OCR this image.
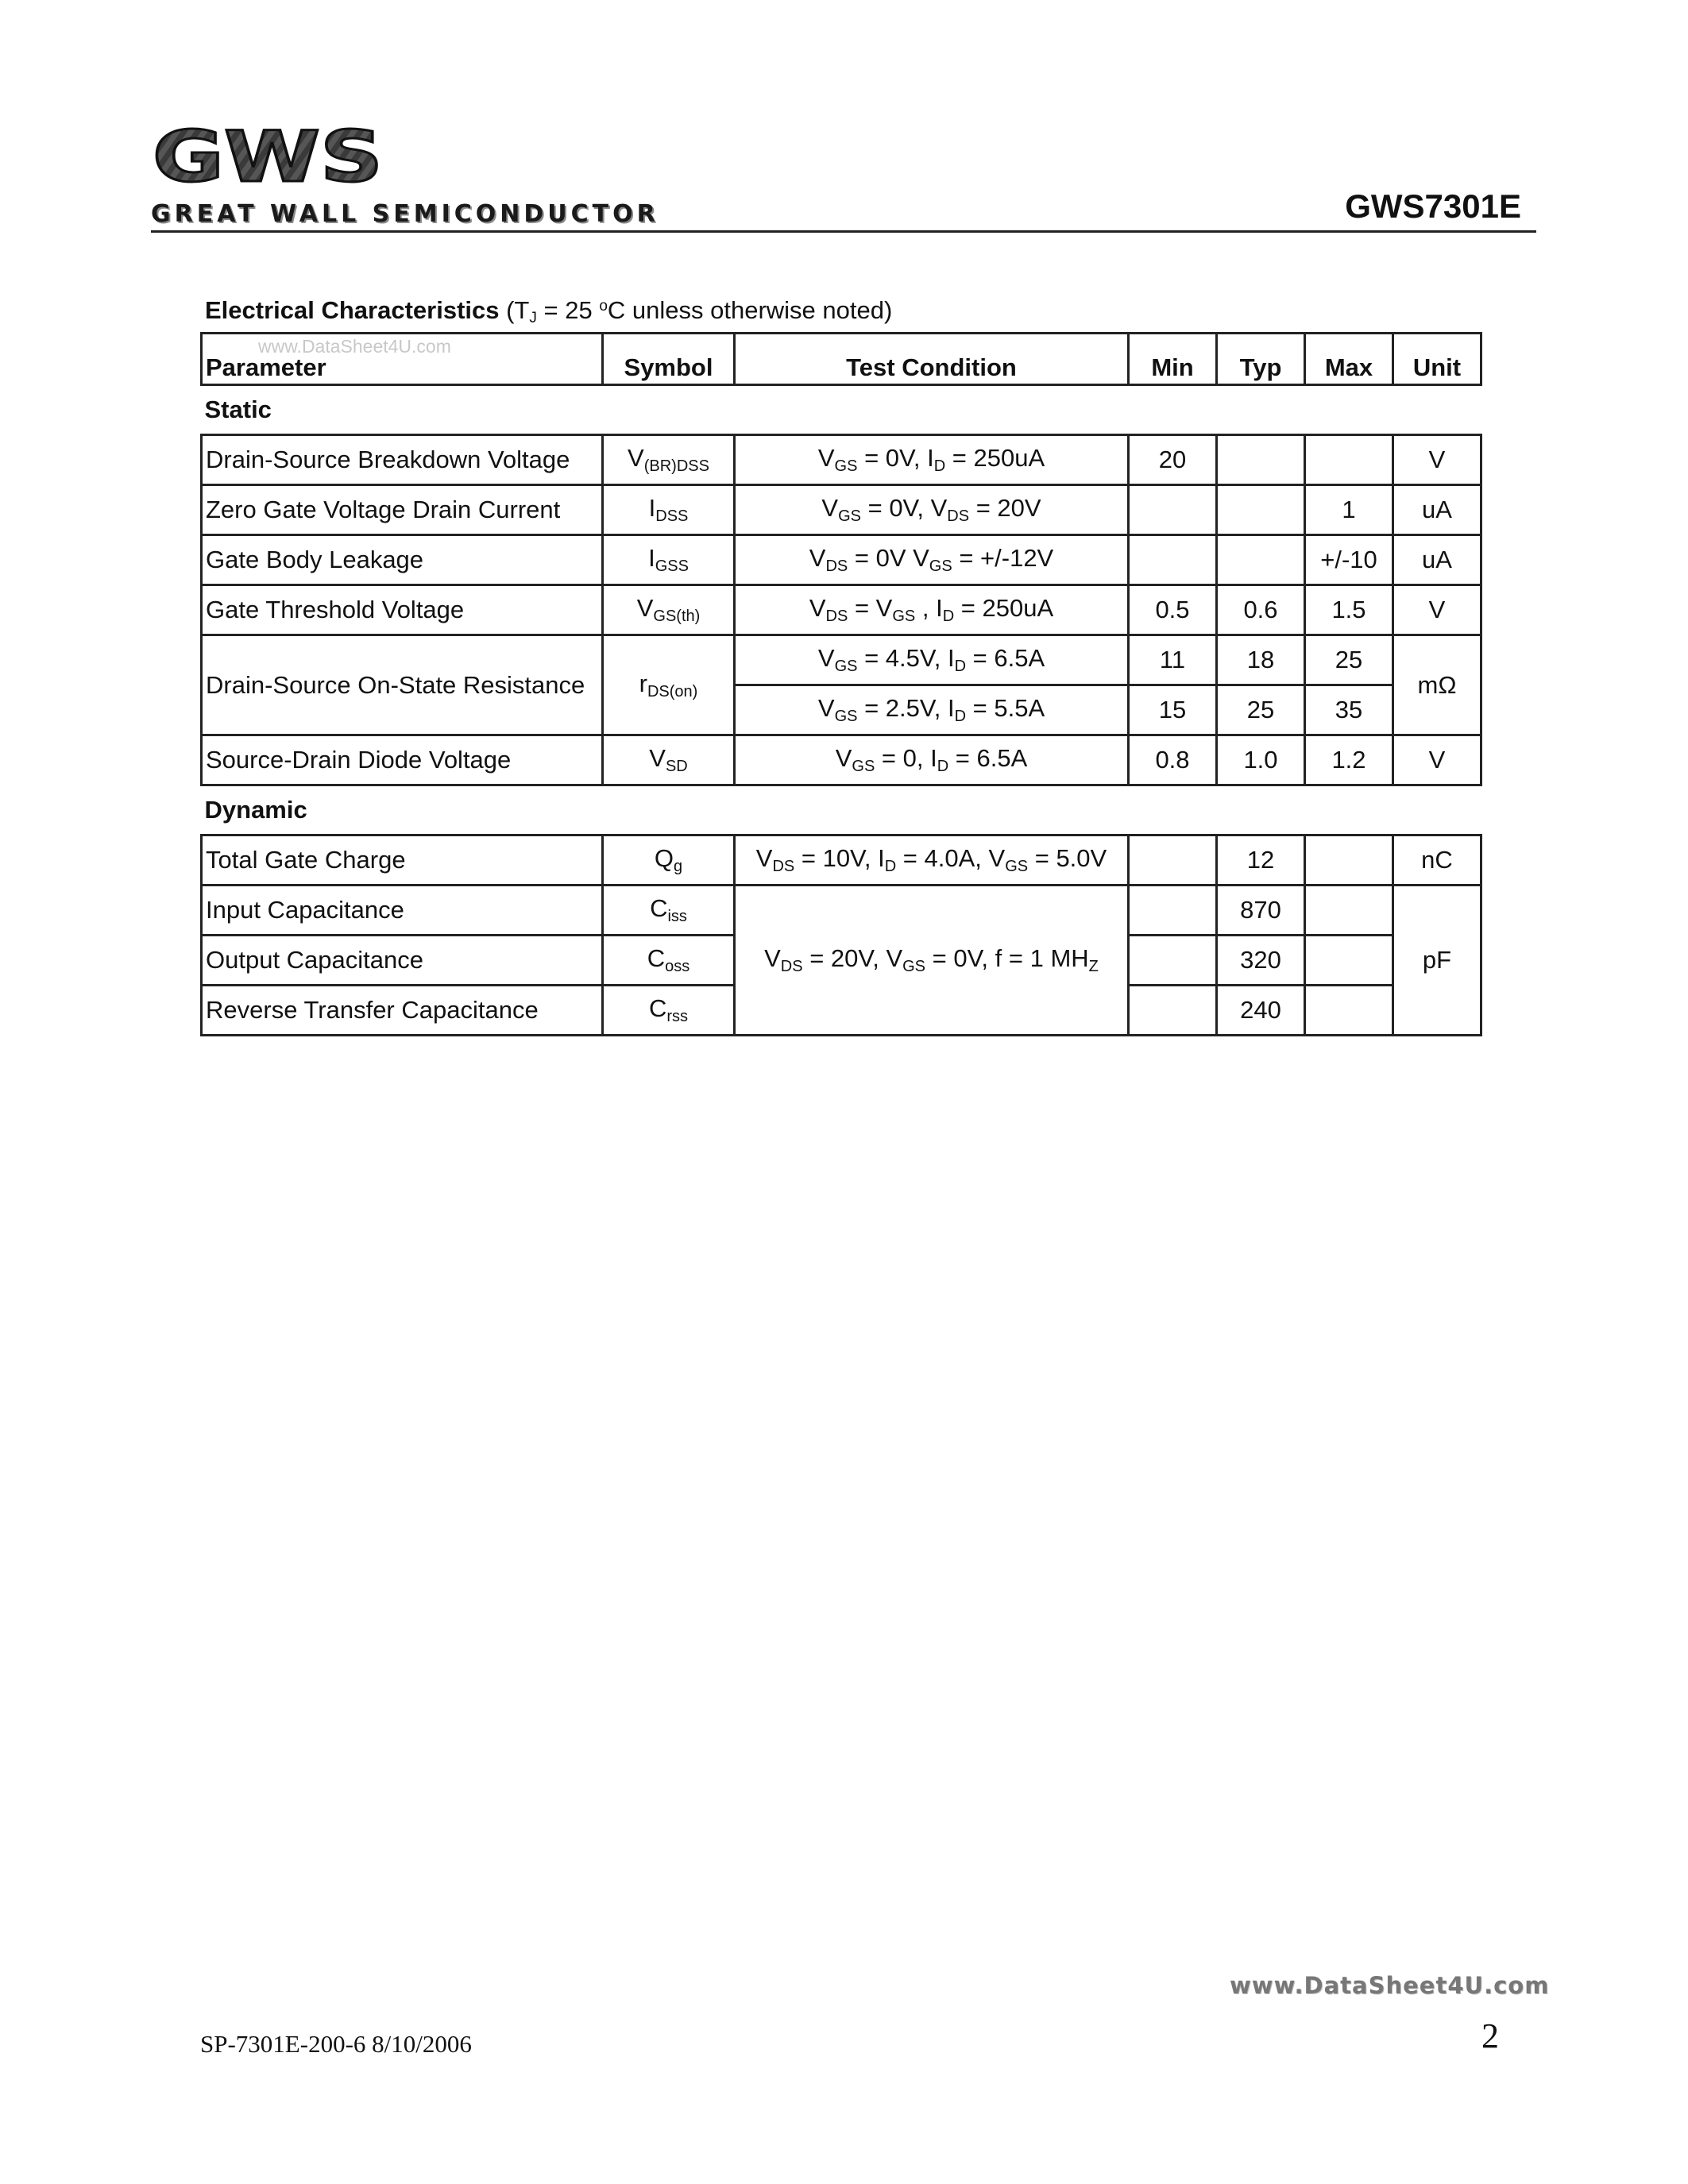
GWS
GREAT WALL SEMICONDUCTOR	GWS7301E
Electrical Characteristics ($T_J = 25$ $^o$C unless otherwise noted)
Parameter	Symbol	Test Condition	Min	Typ	Max	Unit
Static						
Drain-Source Breakdown Voltage	$V_{(BR)DSS}$	$V_{GS} = 0V$, $I_D = 250uA$	20			V
Zero Gate Voltage Drain Current	$I_{DSS}$	$V_{GS} = 0V$, $V_{DS} = 20V$			1	uA
Gate Body Leakage	$I_{GSS}$	$V_{DS} = 0V$ $V_{GS} = +/-12V$			+/-10	uA
Gate Threshold Voltage	$V_{GS(th)}$	$V_{DS} = V_{GS}$ , $I_D = 250uA$	0.5	0.6	1.5	V
Drain-Source On-State Resistance	$r_{DS(on)}$	$V_{GS} = 4.5V$, $I_D = 6.5A$	11	18	25	mΩ
		$V_{GS} = 2.5V$, $I_D = 5.5A$	15	25	35	
Source-Drain Diode Voltage	$V_{SD}$	$V_{GS} = 0$, $I_D = 6.5A$	0.8	1.0	1.2	V
Dynamic						
Total Gate Charge	$Q_g$	$V_{DS} = 10V$, $I_D = 4.0A$, $V_{GS} = 5.0V$		12		nC
Input Capacitance	$C_{iss}$	$V_{DS} = 20V$, $V_{GS} = 0V$, f = 1 $MH_Z$		870		pF
Output Capacitance	$C_{oss}$			320		
Reverse Transfer Capacitance	$C_{rss}$			240		
www.DataSheet4U.com
www.DataSheet4U.com
SP-7301E-200-6 8/10/2006	2
